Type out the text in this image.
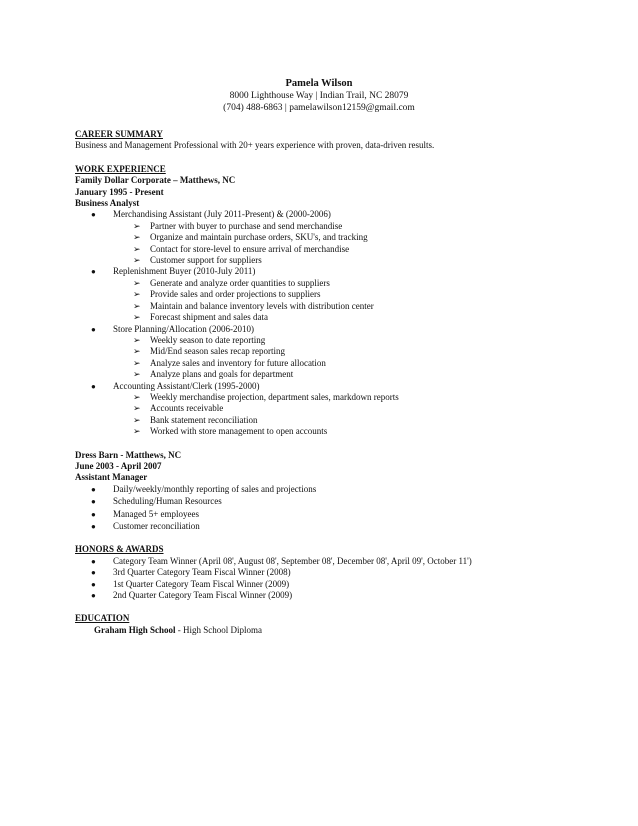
Pamela Wilson
8000 Lighthouse Way | Indian Trail, NC 28079
(704) 488-6863 | pamelawilson12159@gmail.com
CAREER SUMMARY
Business and Management Professional with 20+ years experience with proven, data-driven results.
WORK EXPERIENCE
Family Dollar Corporate – Matthews, NC
January 1995 - Present
Business Analyst
● Merchandising Assistant (July 2011-Present) & (2000-2006)
➢ Partner with buyer to purchase and send merchandise
➢ Organize and maintain purchase orders, SKU's, and tracking
➢ Contact for store-level to ensure arrival of merchandise
➢ Customer support for suppliers
● Replenishment Buyer (2010-July 2011)
➢ Generate and analyze order quantities to suppliers
➢ Provide sales and order projections to suppliers
➢ Maintain and balance inventory levels with distribution center
➢ Forecast shipment and sales data
● Store Planning/Allocation (2006-2010)
➢ Weekly season to date reporting
➢ Mid/End season sales recap reporting
➢ Analyze sales and inventory for future allocation
➢ Analyze plans and goals for department
● Accounting Assistant/Clerk (1995-2000)
➢ Weekly merchandise projection, department sales, markdown reports
➢ Accounts receivable
➢ Bank statement reconciliation
➢ Worked with store management to open accounts
Dress Barn - Matthews, NC
June 2003 - April 2007
Assistant Manager
● Daily/weekly/monthly reporting of sales and projections
● Scheduling/Human Resources
● Managed 5+ employees
● Customer reconciliation
HONORS & AWARDS
● Category Team Winner (April 08', August 08', September 08', December 08', April 09', October 11')
● 3rd Quarter Category Team Fiscal Winner (2008)
● 1st Quarter Category Team Fiscal Winner (2009)
● 2nd Quarter Category Team Fiscal Winner (2009)
EDUCATION
Graham High School - High School Diploma
